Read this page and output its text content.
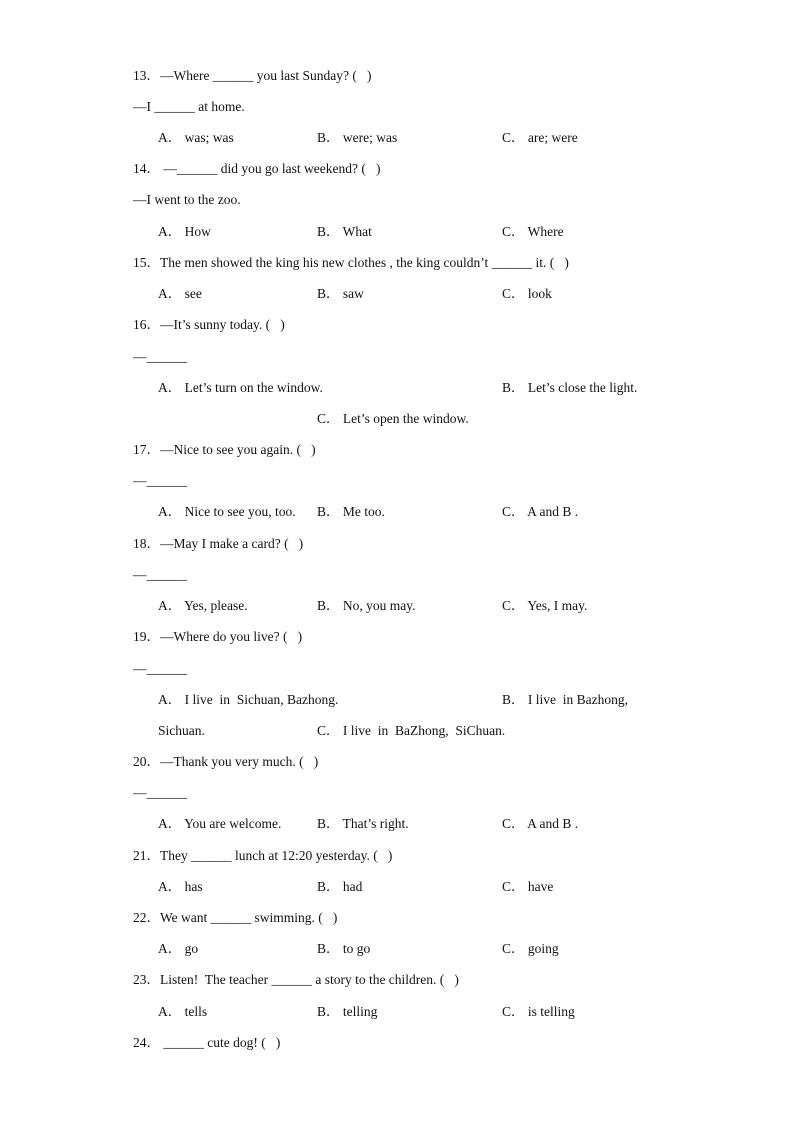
13．—Where ______ you last Sunday? (   )
—I ______ at home.
A． was; was	B． were; was	C． are; were
14． —______ did you go last weekend? (   )
—I went to the zoo.
A． How	B． What	C． Where
15．The men showed the king his new clothes , the king couldn’t ______ it. (   )
A． see	B． saw	C． look
16．—It’s sunny today. (   )
—______
A． Let’s turn on the window.	B． Let’s close the light.
C． Let’s open the window.
17．—Nice to see you again. (   )
—______
A． Nice to see you, too. B． Me too.	C． A and B .
18．—May I make a card? (   )
—______
A． Yes, please.	B． No, you may.	C． Yes, I may.
19．—Where do you live? (   )
—______
A． I live  in  Sichuan, Bazhong.	B． I live  in Bazhong,
Sichuan.	C． I live  in  BaZhong,  SiChuan.
20．—Thank you very much. (   )
—______
A． You are welcome.	B． That’s right.	C． A and B .
21．They ______ lunch at 12:20 yesterday. (   )
A． has	B． had	C． have
22．We want ______ swimming. (   )
A． go	B． to go	C． going
23．Listen!  The teacher ______ a story to the children. (   )
A． tells	B． telling	C． is telling
24． ______ cute dog! (   )
